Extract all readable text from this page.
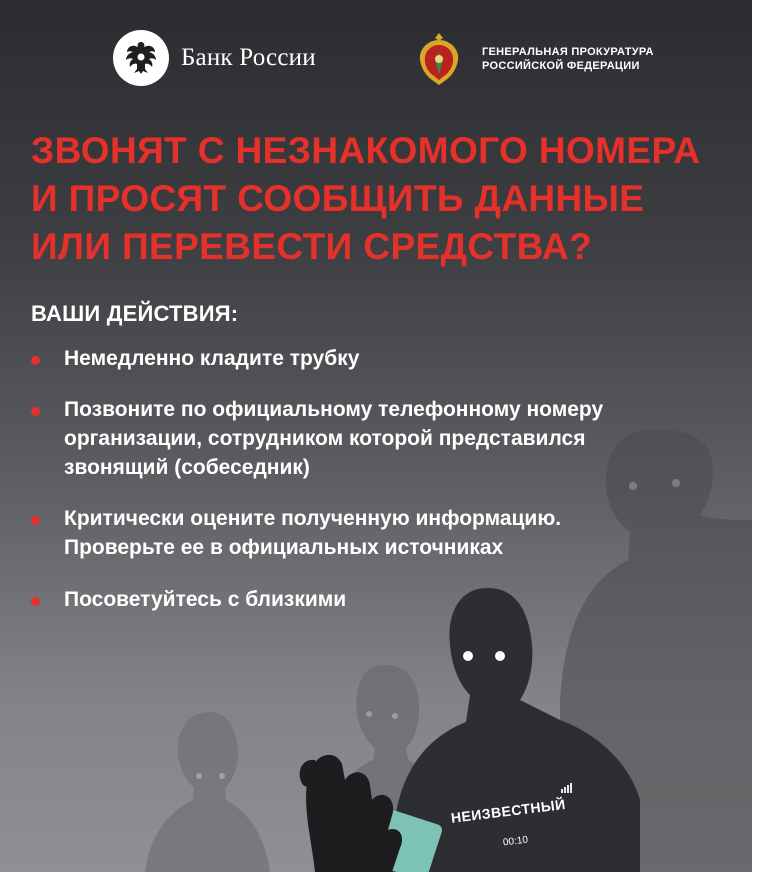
Банк России	ГЕНЕРАЛЬНАЯ ПРОКУРАТУРА
РОССИЙСКОЙ ФЕДЕРАЦИИ
ЗВОНЯТ С НЕЗНАКОМОГО НОМЕРА
И ПРОСЯТ СООБЩИТЬ ДАННЫЕ
ИЛИ ПЕРЕВЕСТИ СРЕДСТВА?
ВАШИ ДЕЙСТВИЯ:
Немедленно кладите трубку
Позвоните по официальному телефонному номеру
организации, сотрудником которой представился
звонящий (собеседник)
Критически оцените полученную информацию.
Проверьте ее в официальных источниках
Посоветуйтесь с близкими
НЕИЗВЕСТНЫЙ
00:10
